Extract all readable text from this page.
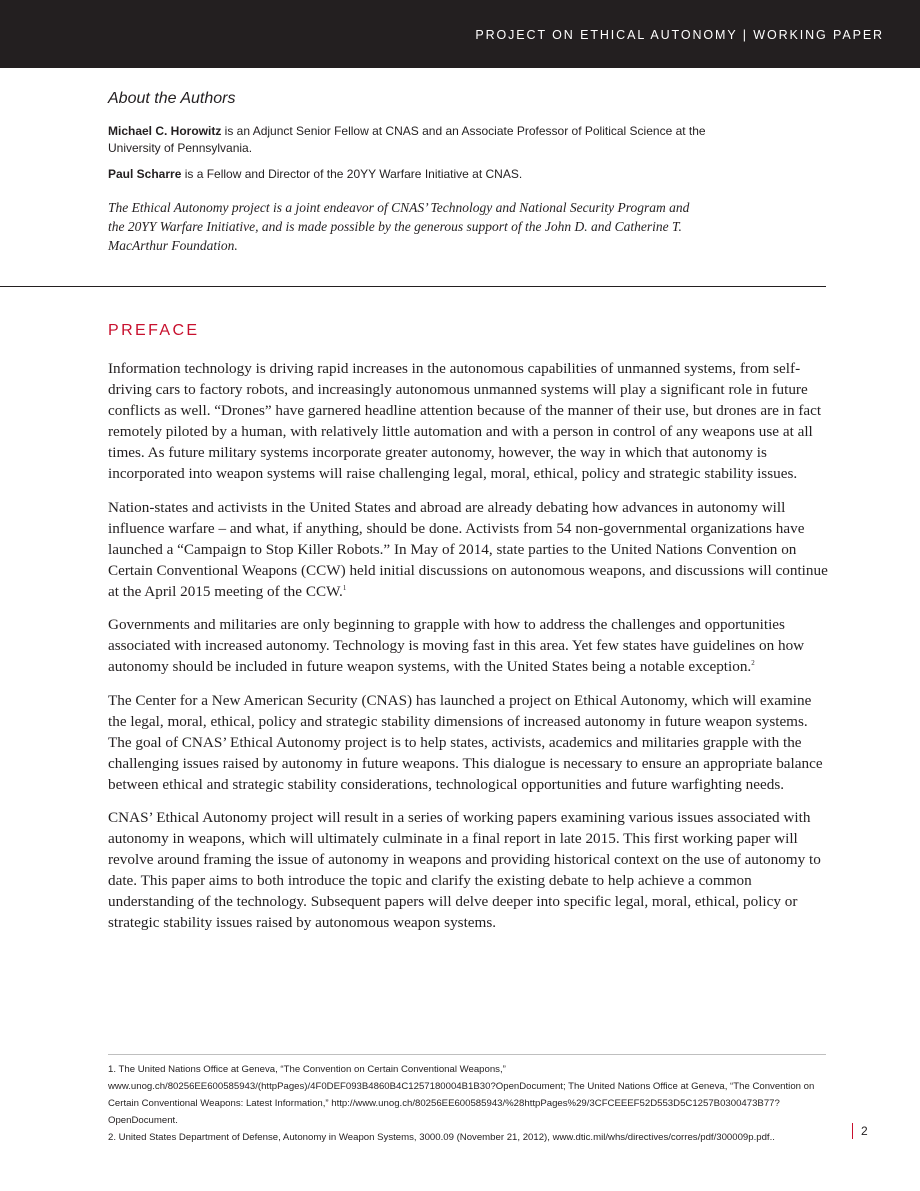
PROJECT ON ETHICAL AUTONOMY | WORKING PAPER
About the Authors

Michael C. Horowitz is an Adjunct Senior Fellow at CNAS and an Associate Professor of Political Science at the University of Pennsylvania.

Paul Scharre is a Fellow and Director of the 20YY Warfare Initiative at CNAS.

The Ethical Autonomy project is a joint endeavor of CNAS’ Technology and National Security Program and the 20YY Warfare Initiative, and is made possible by the generous support of the John D. and Catherine T. MacArthur Foundation.

PREFACE

Information technology is driving rapid increases in the autonomous capabilities of unmanned systems, from self-driving cars to factory robots, and increasingly autonomous unmanned systems will play a significant role in future conflicts as well. “Drones” have garnered headline attention because of the manner of their use, but drones are in fact remotely piloted by a human, with relatively little automation and with a person in control of any weapons use at all times. As future military systems incorporate greater autonomy, however, the way in which that autonomy is incorporated into weapon systems will raise challenging legal, moral, ethical, policy and strategic stability issues.

Nation-states and activists in the United States and abroad are already debating how advances in autonomy will influence warfare – and what, if anything, should be done. Activists from 54 non-governmental organizations have launched a “Campaign to Stop Killer Robots.” In May of 2014, state parties to the United Nations Convention on Certain Conventional Weapons (CCW) held initial discussions on autonomous weapons, and discussions will continue at the April 2015 meeting of the CCW.$^1$

Governments and militaries are only beginning to grapple with how to address the challenges and opportunities associated with increased autonomy. Technology is moving fast in this area. Yet few states have guidelines on how autonomy should be included in future weapon systems, with the United States being a notable exception.$^2$

The Center for a New American Security (CNAS) has launched a project on Ethical Autonomy, which will examine the legal, moral, ethical, policy and strategic stability dimensions of increased autonomy in future weapon systems. The goal of CNAS’ Ethical Autonomy project is to help states, activists, academics and militaries grapple with the challenging issues raised by autonomy in future weapons. This dialogue is necessary to ensure an appropriate balance between ethical and strategic stability considerations, technological opportunities and future warfighting needs.

CNAS’ Ethical Autonomy project will result in a series of working papers examining various issues associated with autonomy in weapons, which will ultimately culminate in a final report in late 2015. This first working paper will revolve around framing the issue of autonomy in weapons and providing historical context on the use of autonomy to date. This paper aims to both introduce the topic and clarify the existing debate to help achieve a common understanding of the technology. Subsequent papers will delve deeper into specific legal, moral, ethical, policy or strategic stability issues raised by autonomous weapon systems.

1. The United Nations Office at Geneva, “The Convention on Certain Conventional Weapons,” www.unog.ch/80256EE600585943/(httpPages)/4F0DEF093B4860B4C1257180004B1B30?OpenDocument; The United Nations Office at Geneva, “The Convention on Certain Conventional Weapons: Latest Information,” http://www.unog.ch/80256EE600585943/%28httpPages%29/3CFCEEEF52D553D5C1257B0300473B77?OpenDocument.

2. United States Department of Defense, Autonomy in Weapon Systems, 3000.09 (November 21, 2012), www.dtic.mil/whs/directives/corres/pdf/300009p.pdf..	2
